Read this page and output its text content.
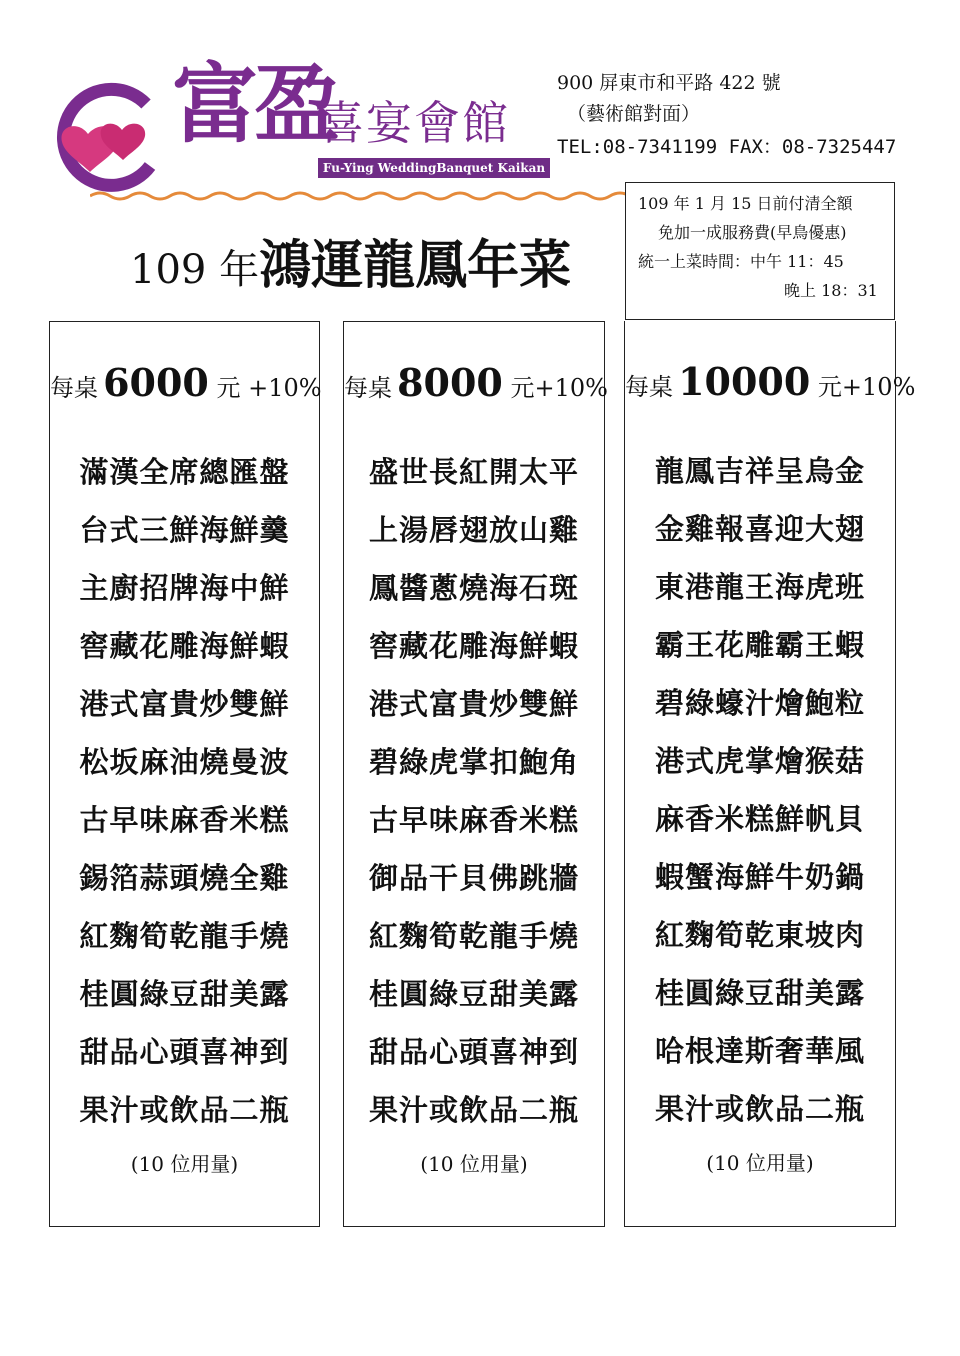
富盈
喜宴會館
Fu-Ying WeddingBanquet Kaikan
900 屏東市和平路 422 號
（藝術館對面）
TEL:08-7341199 FAX：08-7325447
109 年 1 月 15 日前付清全額
免加一成服務費(早鳥優惠)
統一上菜時間：中午 11：45
晚上 18：31
109 年鴻運龍鳳年菜
每桌 6000 元 +10%
滿漢全席總匯盤
台式三鮮海鮮羹
主廚招牌海中鮮
窖藏花雕海鮮蝦
港式富貴炒雙鮮
松坂麻油燒曼波
古早味麻香米糕
錫箔蒜頭燒全雞
紅麴筍乾龍手燒
桂圓綠豆甜美露
甜品心頭喜神到
果汁或飲品二瓶
(10 位用量)
每桌 8000 元+10%
盛世長紅開太平
上湯唇翅放山雞
鳳醬蔥燒海石斑
窖藏花雕海鮮蝦
港式富貴炒雙鮮
碧綠虎掌扣鮑角
古早味麻香米糕
御品干貝佛跳牆
紅麴筍乾龍手燒
桂圓綠豆甜美露
甜品心頭喜神到
果汁或飲品二瓶
(10 位用量)
每桌 10000 元+10%
龍鳳吉祥呈烏金
金雞報喜迎大翅
東港龍王海虎班
霸王花雕霸王蝦
碧綠蠔汁燴鮑粒
港式虎掌燴猴菇
麻香米糕鮮帆貝
蝦蟹海鮮牛奶鍋
紅麴筍乾東坡肉
桂圓綠豆甜美露
哈根達斯奢華風
果汁或飲品二瓶
(10 位用量)
